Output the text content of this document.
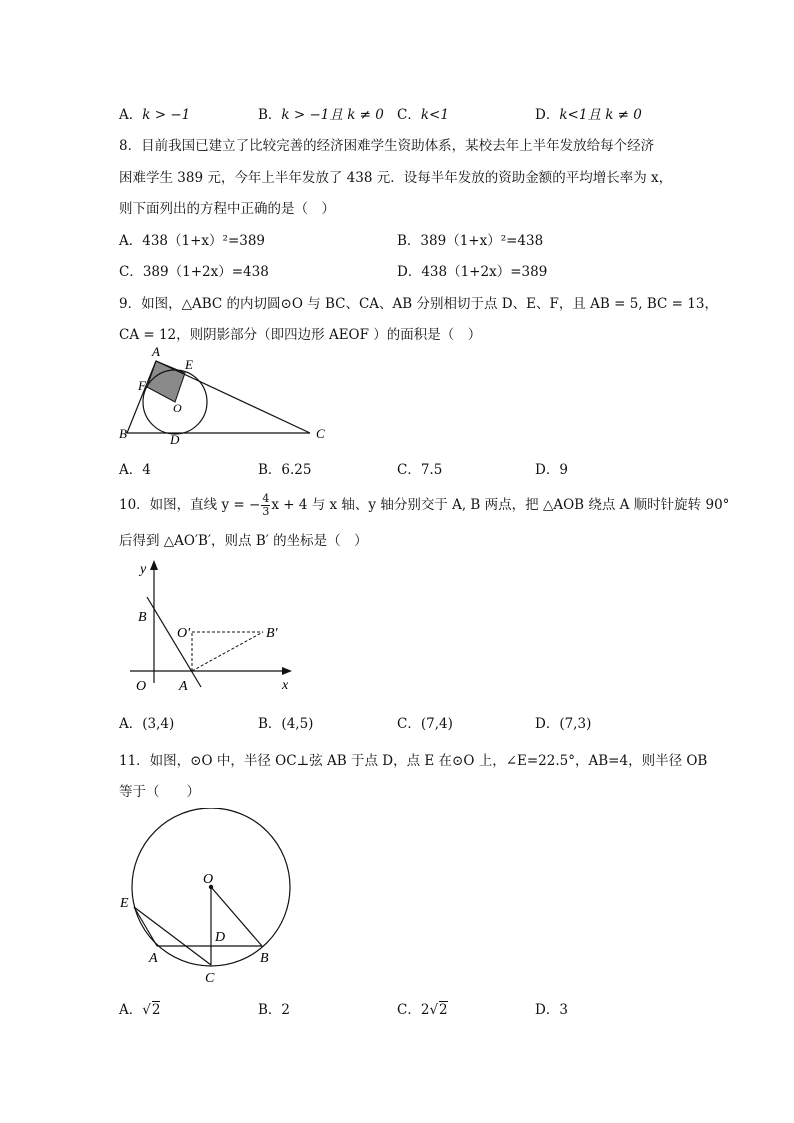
A．k > −1	B．k > −1且 k ≠ 0 C．k<1	D．k<1且 k ≠ 0
8．目前我国已建立了比较完善的经济困难学生资助体系，某校去年上半年发放给每个经济
困难学生 389 元，今年上半年发放了 438 元．设每半年发放的资助金额的平均增长率为 x，
则下面列出的方程中正确的是（　）
A．438（1+x）²=389	B．389（1+x）²=438
C．389（1+2x）=438	D．438（1+2x）=389
9．如图，△ABC 的内切圆⊙O 与 BC、CA、AB 分别相切于点 D、E、F，且 AB = 5, BC = 13，
CA = 12，则阴影部分（即四边形 AEOF ）的面积是（　）
A
E
F
O
B	D	C
A．4	B．6.25	C．7.5	D．9
10．如图，直线 y = − $\frac{4}{3}$ x + 4 与 x 轴、y 轴分别交于 A, B 两点，把 △AOB 绕点 A 顺时针旋转 90°
后得到 △AO′B′，则点 B′ 的坐标是（　）
y
x
B
O′	B′
O A
A．(3,4)	B．(4,5)	C．(7,4)	D．(7,3)
11．如图，⊙O 中，半径 OC⊥弦 AB 于点 D，点 E 在⊙O 上，∠E=22.5°，AB=4，则半径 OB
等于（　　）
O
E
D
A	B
C
A．√2	B．2	C．2√2	D．3
